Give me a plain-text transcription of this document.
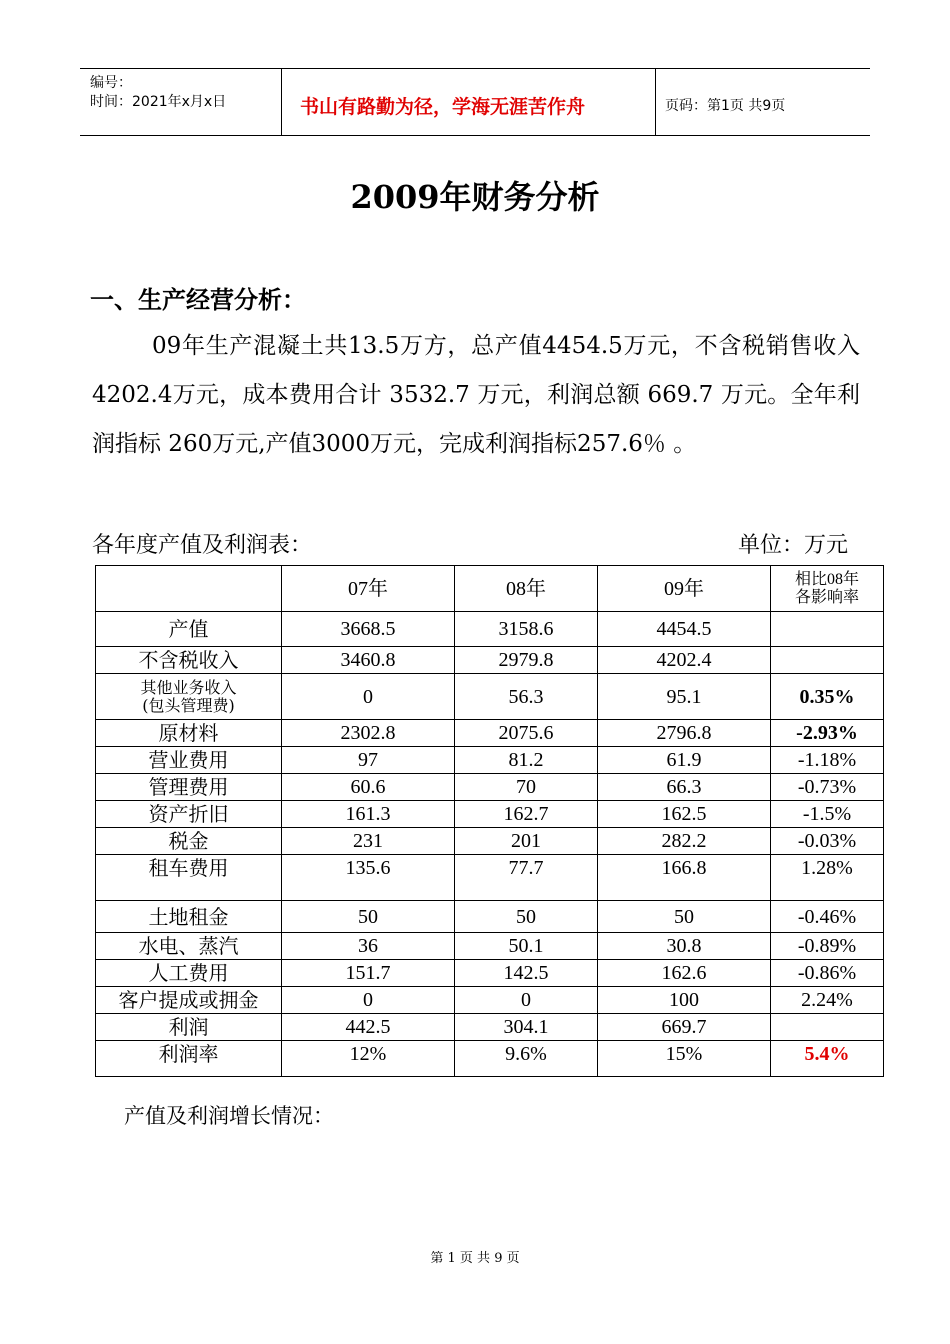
编号：
时间：2021年x月x日	书山有路勤为径，学海无涯苦作舟	页码：第1页 共9页
2009年财务分析
一、生产经营分析：

09年生产混凝土共13.5万方，总产值4454.5万元，不含税销售收入4202.4万元，成本费用合计 3532.7 万元，利润总额 669.7 万元。全年利润指标 260万元,产值3000万元，完成利润指标257.6％ 。

各年度产值及利润表：	单位：万元
	07年	08年	09年	相比08年
各影响率

产值	3668.5	3158.6	4454.5	
不含税收入	3460.8	2979.8	4202.4	

其他业务收入
(包头管理费)	0	56.3	95.1	0.35%
原材料	2302.8	2075.6	2796.8	-2.93%
营业费用	97	81.2	61.9	-1.18%
管理费用	60.6	70	66.3	-0.73%
资产折旧	161.3	162.7	162.5	-1.5%
税金	231	201	282.2	-0.03%
租车费用	135.6	77.7	166.8	1.28%
土地租金	50	50	50	-0.46%
水电、蒸汽	36	50.1	30.8	-0.89%
人工费用	151.7	142.5	162.6	-0.86%
客户提成或拥金	0	0	100	2.24%
利润	442.5	304.1	669.7	
利润率	12%	9.6%	15%	5.4%
产值及利润增长情况：
第 1 页 共 9 页
